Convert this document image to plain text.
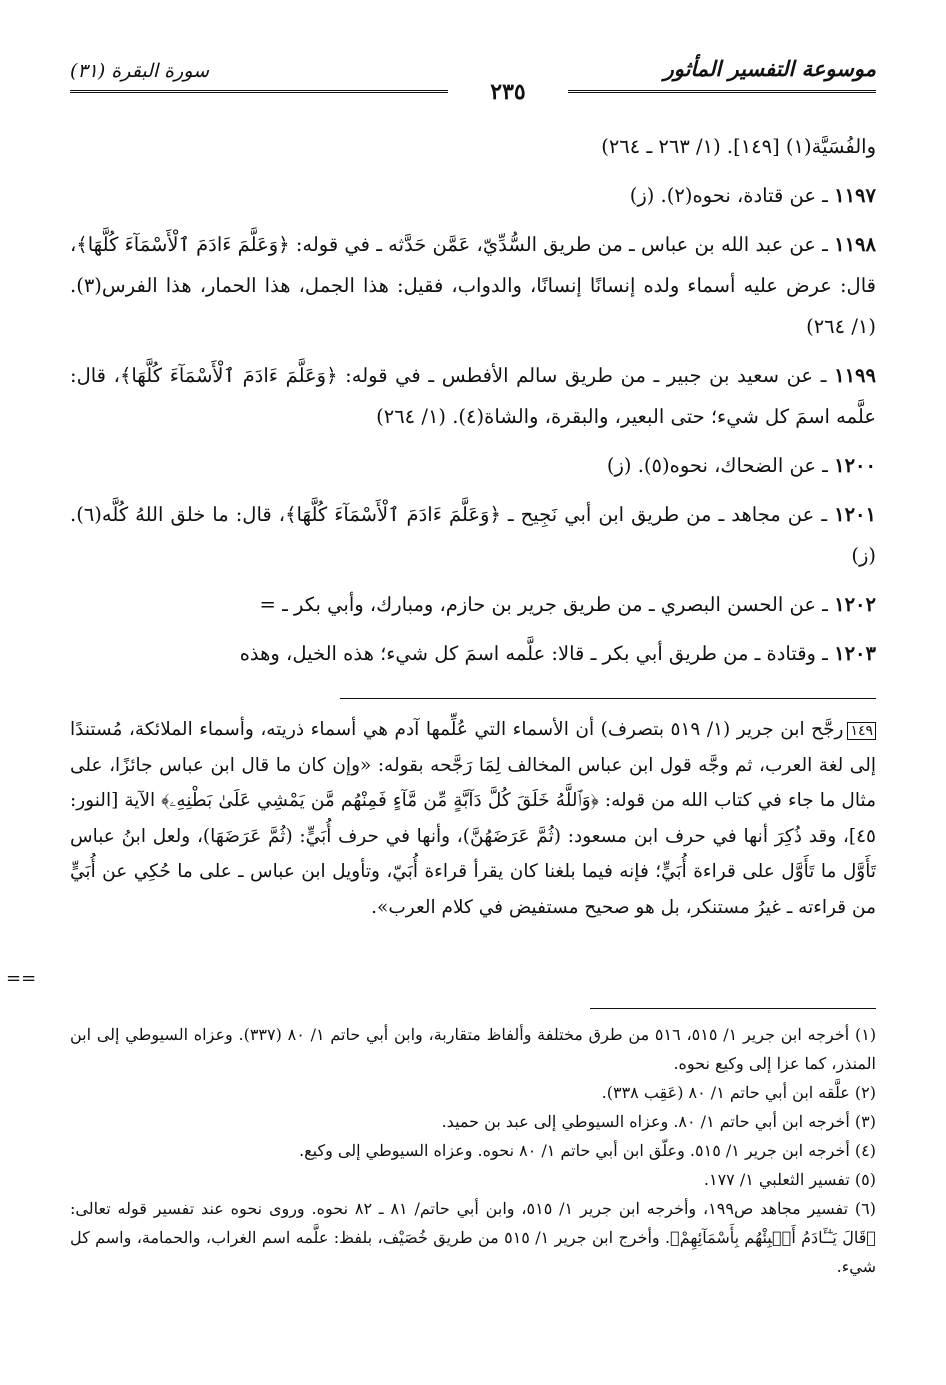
موسوعة التفسير المأثور
٢٣٥
سورة البقرة (٣١)

والفُسَيَّة(١) [١٤٩]. (١/ ٢٦٣ ـ ٢٦٤)

١١٩٧ ـ عن قتادة، نحوه(٢). (ز)

١١٩٨ ـ عن عبد الله بن عباس ـ من طريق السُّدِّيّ، عَمَّن حَدَّثه ـ في قوله: ﴿وَعَلَّمَ ءَادَمَ ٱلْأَسْمَآءَ كُلَّهَا﴾، قال: عرض عليه أسماء ولده إنسانًا إنسانًا، والدواب، فقيل: هذا الجمل، هذا الحمار، هذا الفرس(٣). (١/ ٢٦٤)

١١٩٩ ـ عن سعيد بن جبير ـ من طريق سالم الأفطس ـ في قوله: ﴿وَعَلَّمَ ءَادَمَ ٱلْأَسْمَآءَ كُلَّهَا﴾، قال: علَّمه اسمَ كل شيء؛ حتى البعير، والبقرة، والشاة(٤). (١/ ٢٦٤)

١٢٠٠ ـ عن الضحاك، نحوه(٥). (ز)

١٢٠١ ـ عن مجاهد ـ من طريق ابن أبي نَجِيح ـ ﴿وَعَلَّمَ ءَادَمَ ٱلْأَسْمَآءَ كُلَّهَا﴾، قال: ما خلق اللهُ كُلَّه(٦). (ز)

١٢٠٢ ـ عن الحسن البصري ـ من طريق جرير بن حازم، ومبارك، وأبي بكر ـ =

١٢٠٣ ـ وقتادة ـ من طريق أبي بكر ـ قالا: علَّمه اسمَ كل شيء؛ هذه الخيل، وهذه

١٤٩رجَّح ابن جرير (١/ ٥١٩ بتصرف) أن الأسماء التي عُلِّمها آدم هي أسماء ذريته، وأسماء الملائكة، مُستندًا إلى لغة العرب، ثم وجَّه قول ابن عباس المخالف لِمَا رَجَّحه بقوله: «وإن كان ما قال ابن عباس جائزًا، على مثال ما جاء في كتاب الله من قوله: ﴿وَٱللَّهُ خَلَقَ كُلَّ دَآبَّةٍ مِّن مَّآءٍ فَمِنْهُم مَّن يَمْشِي عَلَىٰ بَطْنِهِۦ﴾ الآية [النور: ٤٥]، وقد ذُكِرَ أنها في حرف ابن مسعود: (ثُمَّ عَرَضَهُنَّ)، وأنها في حرف أُبَيٍّ: (ثُمَّ عَرَضَهَا)، ولعل ابنُ عباس تَأَوَّل ما تَأَوَّل على قراءة أُبَيٍّ؛ فإنه فيما بلغنا كان يقرأ قراءة أُبَيّ، وتأويل ابن عباس ـ على ما حُكِي عن أُبَيٍّ من قراءته ـ غيرُ مستنكر، بل هو صحيح مستفيض في كلام العرب».

==

(١) أخرجه ابن جرير ١/ ٥١٥، ٥١٦ من طرق مختلفة وألفاظ متقاربة، وابن أبي حاتم ١/ ٨٠ (٣٣٧). وعزاه السيوطي إلى ابن المنذر، كما عزا إلى وكيع نحوه.

(٢) علَّقه ابن أبي حاتم ١/ ٨٠ (عَقِب ٣٣٨).

(٣) أخرجه ابن أبي حاتم ١/ ٨٠. وعزاه السيوطي إلى عبد بن حميد.

(٤) أخرجه ابن جرير ١/ ٥١٥. وعلّق ابن أبي حاتم ١/ ٨٠ نحوه. وعزاه السيوطي إلى وكيع.

(٥) تفسير الثعلبي ١/ ١٧٧.

(٦) تفسير مجاهد ص١٩٩، وأخرجه ابن جرير ١/ ٥١٥، وابن أبي حاتم/ ٨١ ـ ٨٢ نحوه. وروى نحوه عند تفسير قوله تعالى: ﴿قَالَ يَـٰٓـَٔادَمُ أَنۢبِئْهُم بِأَسْمَآئِهِمْ﴾. وأخرج ابن جرير ١/ ٥١٥ من طريق خُصَيْف، بلفظ: علَّمه اسم الغراب، والحمامة، واسم كل شيء.
